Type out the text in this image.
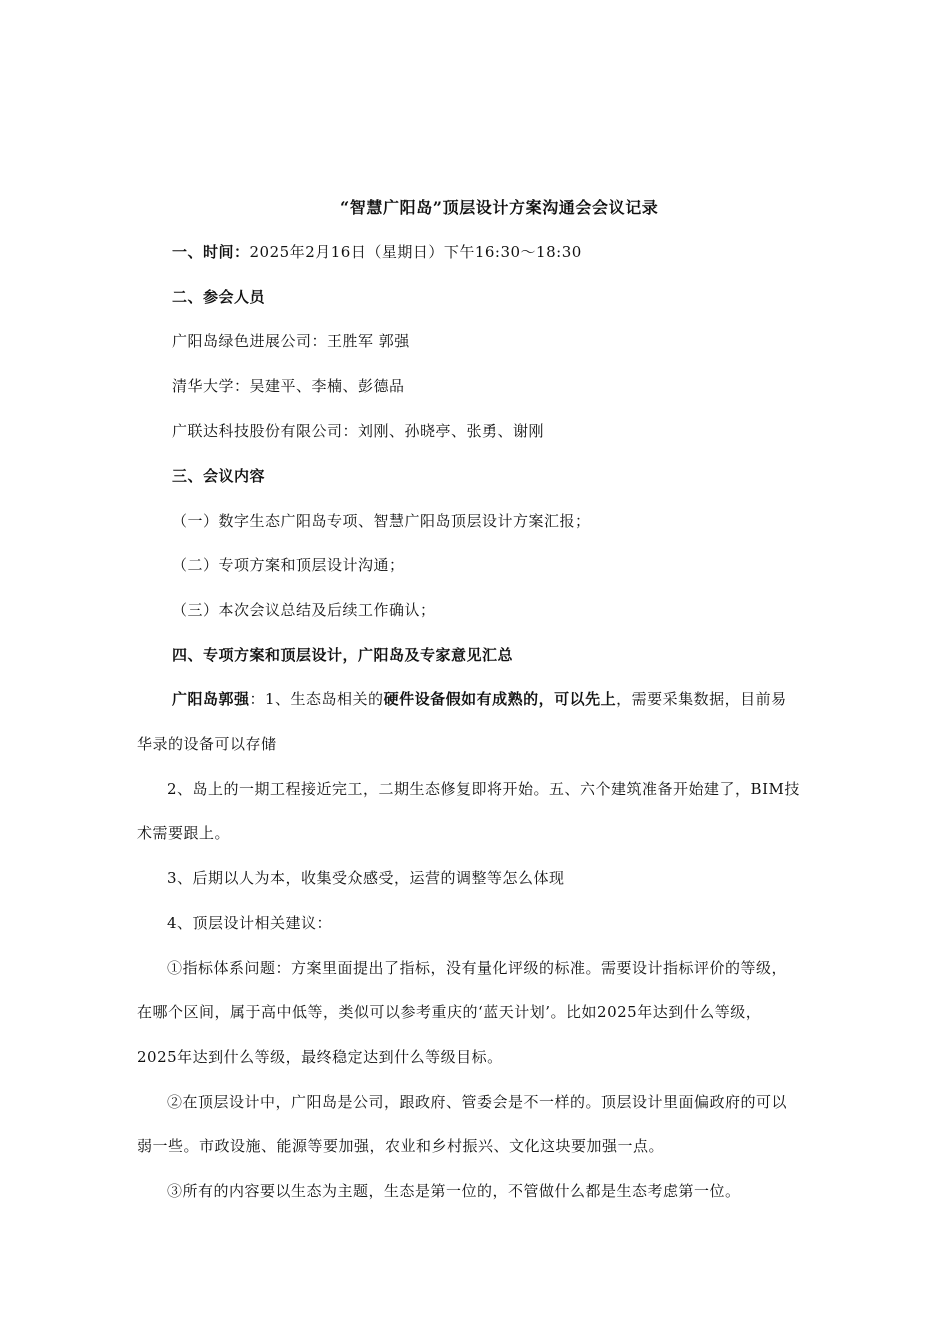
“智慧广阳岛”顶层设计方案沟通会会议记录
一、时间：2025年2月16日（星期日）下午16:30～18:30
二、参会人员
广阳岛绿色进展公司：王胜军 郭强
清华大学：吴建平、李楠、彭德品
广联达科技股份有限公司：刘刚、孙晓亭、张勇、谢刚
三、会议内容
（一）数字生态广阳岛专项、智慧广阳岛顶层设计方案汇报；
（二）专项方案和顶层设计沟通；
（三）本次会议总结及后续工作确认；
四、专项方案和顶层设计，广阳岛及专家意见汇总
广阳岛郭强：1、生态岛相关的硬件设备假如有成熟的，可以先上，需要采集数据，目前易
华录的设备可以存储
2、岛上的一期工程接近完工，二期生态修复即将开始。五、六个建筑准备开始建了，BIM技
术需要跟上。
3、后期以人为本，收集受众感受，运营的调整等怎么体现
4、顶层设计相关建议：
①指标体系问题：方案里面提出了指标，没有量化评级的标准。需要设计指标评价的等级，
在哪个区间，属于高中低等，类似可以参考重庆的‘蓝天计划’。比如2025年达到什么等级，
2025年达到什么等级，最终稳定达到什么等级目标。
②在顶层设计中，广阳岛是公司，跟政府、管委会是不一样的。顶层设计里面偏政府的可以
弱一些。市政设施、能源等要加强，农业和乡村振兴、文化这块要加强一点。
③所有的内容要以生态为主题，生态是第一位的，不管做什么都是生态考虑第一位。
